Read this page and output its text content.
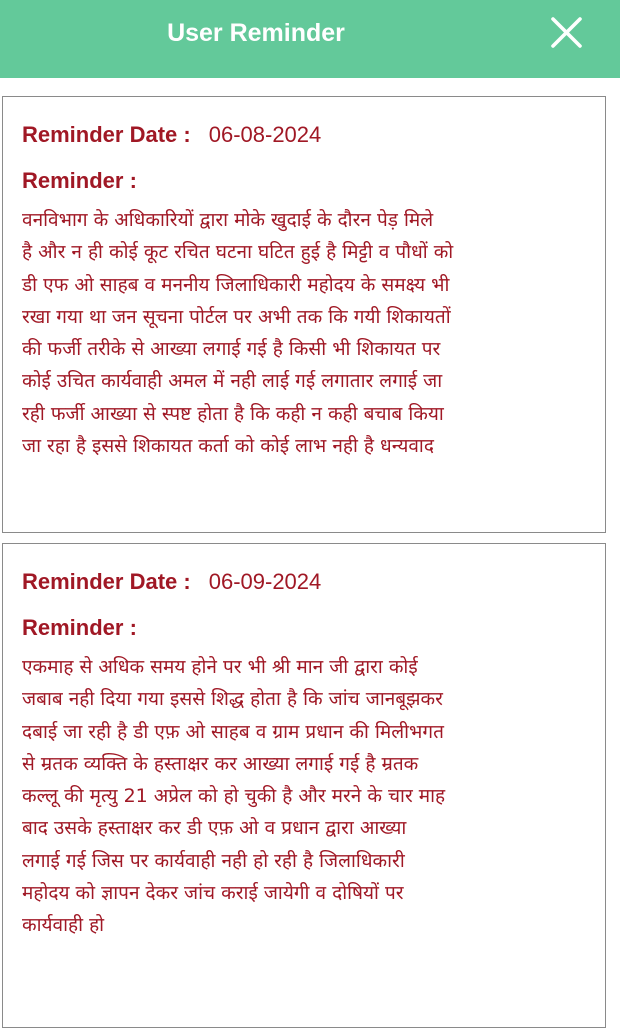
User Reminder
Reminder Date : 06-08-2024
Reminder :
वनविभाग के अधिकारियों द्वारा मोके खुदाई के दौरन पेड़ मिले
है और न ही कोई कूट रचित घटना घटित हुई है मिट्टी व पौधों को
डी एफ ओ साहब व मननीय जिलाधिकारी महोदय के समक्ष्य भी
रखा गया था जन सूचना पोर्टल पर अभी तक कि गयी शिकायतों
की फर्जी तरीके से आख्या लगाई गई है किसी भी शिकायत पर
कोई उचित कार्यवाही अमल में नही लाई गई लगातार लगाई जा
रही फर्जी आख्या से स्पष्ट होता है कि कही न कही बचाब किया
जा रहा है इससे शिकायत कर्ता को कोई लाभ नही है धन्यवाद
Reminder Date : 06-09-2024
Reminder :
एकमाह से अधिक समय होने पर भी श्री मान जी द्वारा कोई
जबाब नही दिया गया इससे शिद्ध होता है कि जांच जानबूझकर
दबाई जा रही है डी एफ़ ओ साहब व ग्राम प्रधान की मिलीभगत
से म्रतक व्यक्ति के हस्ताक्षर कर आख्या लगाई गई है म्रतक
कल्लू की मृत्यु 21 अप्रेल को हो चुकी है और मरने के चार माह
बाद उसके हस्ताक्षर कर डी एफ़ ओ व प्रधान द्वारा आख्या
लगाई गई जिस पर कार्यवाही नही हो रही है जिलाधिकारी
महोदय को ज्ञापन देकर जांच कराई जायेगी व दोषियों पर
कार्यवाही हो
